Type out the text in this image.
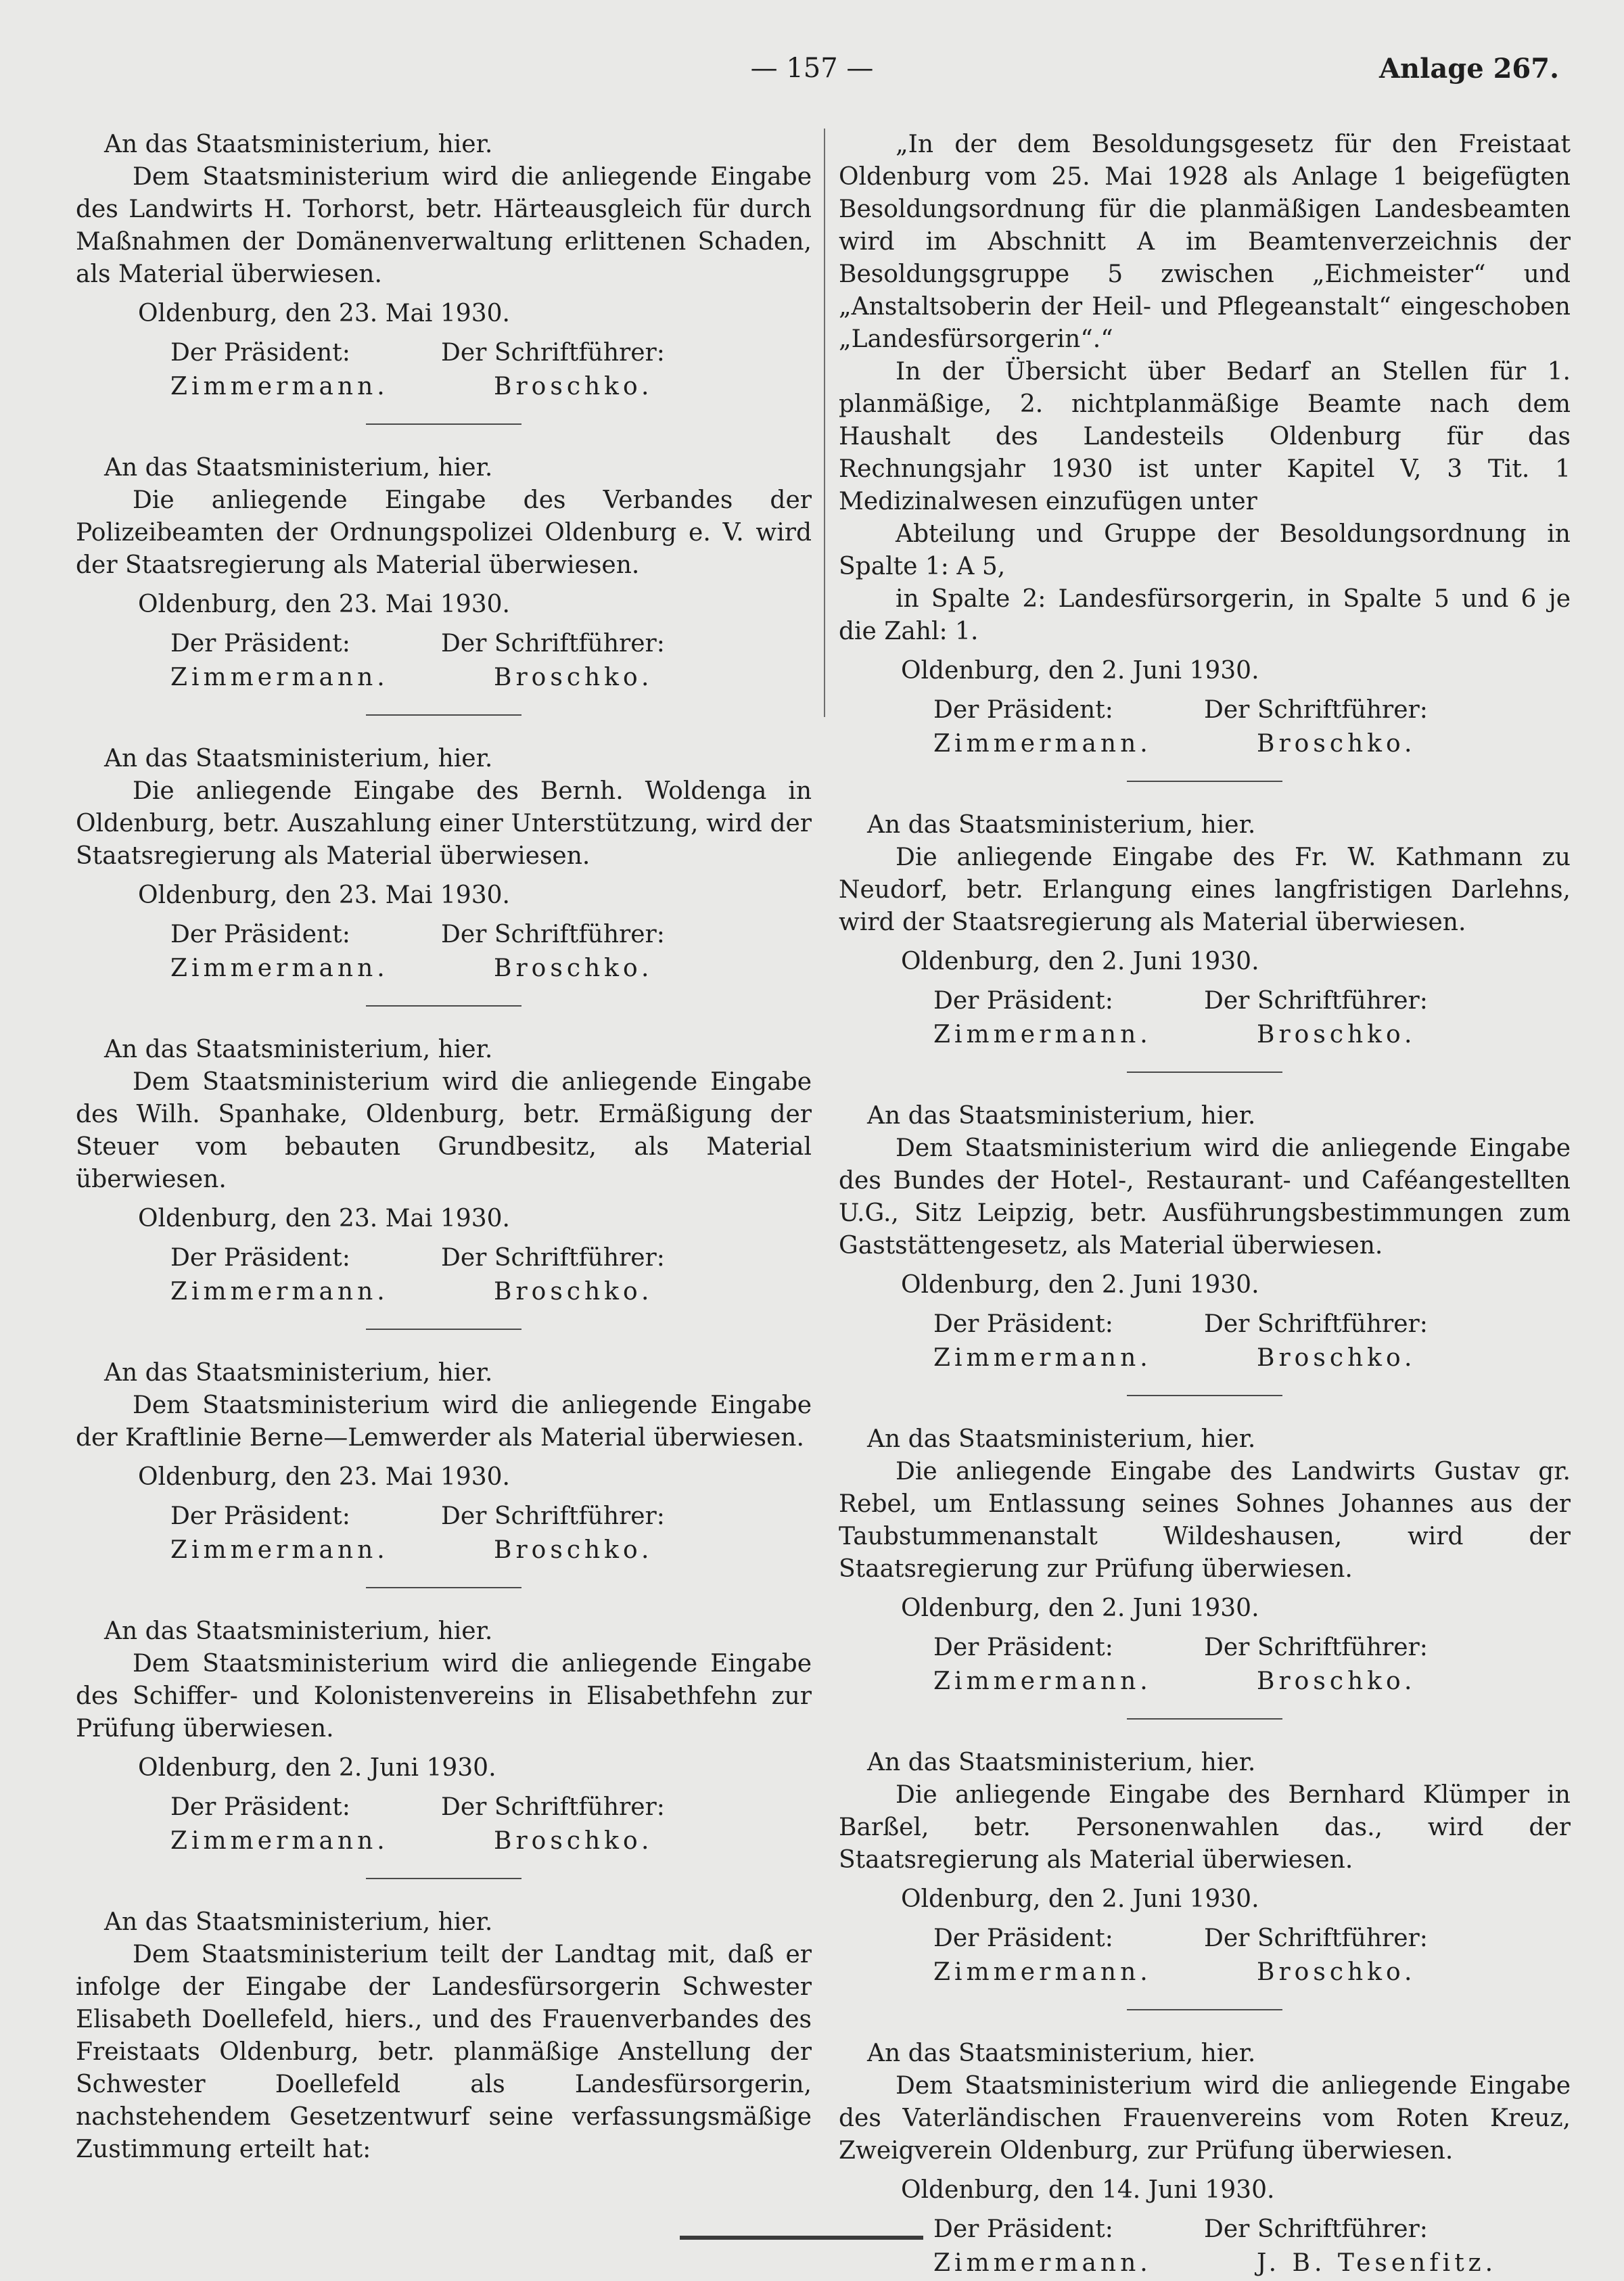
— 157 —	Anlage 267.
An das Staatsministerium, hier.

Dem Staatsministerium wird die anliegende Eingabe des Landwirts H. Torhorst, betr. Härteausgleich für durch Maßnahmen der Domänenverwaltung erlittenen Schaden, als Material überwiesen.

Oldenburg, den 23. Mai 1930.
Der Präsident:	Der Schriftführer:
Zimmermann.	Broschko.
An das Staatsministerium, hier.

Die anliegende Eingabe des Verbandes der Polizeibeamten der Ordnungspolizei Oldenburg e. V. wird der Staatsregierung als Material überwiesen.

Oldenburg, den 23. Mai 1930.
Der Präsident:	Der Schriftführer:
Zimmermann.	Broschko.
An das Staatsministerium, hier.

Die anliegende Eingabe des Bernh. Woldenga in Oldenburg, betr. Auszahlung einer Unterstützung, wird der Staatsregierung als Material überwiesen.

Oldenburg, den 23. Mai 1930.
Der Präsident:	Der Schriftführer:
Zimmermann.	Broschko.
An das Staatsministerium, hier.

Dem Staatsministerium wird die anliegende Eingabe des Wilh. Spanhake, Oldenburg, betr. Ermäßigung der Steuer vom bebauten Grundbesitz, als Material überwiesen.

Oldenburg, den 23. Mai 1930.
Der Präsident:	Der Schriftführer:
Zimmermann.	Broschko.
An das Staatsministerium, hier.

Dem Staatsministerium wird die anliegende Eingabe der Kraftlinie Berne—Lemwerder als Material überwiesen.

Oldenburg, den 23. Mai 1930.
Der Präsident:	Der Schriftführer:
Zimmermann.	Broschko.
An das Staatsministerium, hier.

Dem Staatsministerium wird die anliegende Eingabe des Schiffer- und Kolonistenvereins in Elisabethfehn zur Prüfung überwiesen.

Oldenburg, den 2. Juni 1930.
Der Präsident:	Der Schriftführer:
Zimmermann.	Broschko.
An das Staatsministerium, hier.

Dem Staatsministerium teilt der Landtag mit, daß er infolge der Eingabe der Landesfürsorgerin Schwester Elisabeth Doellefeld, hiers., und des Frauenverbandes des Freistaats Oldenburg, betr. planmäßige Anstellung der Schwester Doellefeld als Landesfürsorgerin, nachstehendem Gesetzentwurf seine verfassungsmäßige Zustimmung erteilt hat:

„In der dem Besoldungsgesetz für den Freistaat Oldenburg vom 25. Mai 1928 als Anlage 1 beigefügten Besoldungsordnung für die planmäßigen Landesbeamten wird im Abschnitt A im Beamtenverzeichnis der Besoldungsgruppe 5 zwischen „Eichmeister“ und „Anstaltsoberin der Heil- und Pflegeanstalt“ eingeschoben „Landesfürsorgerin“.“

In der Übersicht über Bedarf an Stellen für 1. planmäßige, 2. nichtplanmäßige Beamte nach dem Haushalt des Landesteils Oldenburg für das Rechnungsjahr 1930 ist unter Kapitel V, 3 Tit. 1 Medizinalwesen einzufügen unter

Abteilung und Gruppe der Besoldungsordnung in Spalte 1: A 5,

in Spalte 2: Landesfürsorgerin, in Spalte 5 und 6 je die Zahl: 1.

Oldenburg, den 2. Juni 1930.
Der Präsident:	Der Schriftführer:
Zimmermann.	Broschko.
An das Staatsministerium, hier.

Die anliegende Eingabe des Fr. W. Kathmann zu Neudorf, betr. Erlangung eines langfristigen Darlehns, wird der Staatsregierung als Material überwiesen.

Oldenburg, den 2. Juni 1930.
Der Präsident:	Der Schriftführer:
Zimmermann.	Broschko.
An das Staatsministerium, hier.

Dem Staatsministerium wird die anliegende Eingabe des Bundes der Hotel-, Restaurant- und Caféangestellten U.G., Sitz Leipzig, betr. Ausführungsbestimmungen zum Gaststättengesetz, als Material überwiesen.

Oldenburg, den 2. Juni 1930.
Der Präsident:	Der Schriftführer:
Zimmermann.	Broschko.
An das Staatsministerium, hier.

Die anliegende Eingabe des Landwirts Gustav gr. Rebel, um Entlassung seines Sohnes Johannes aus der Taubstummenanstalt Wildeshausen, wird der Staatsregierung zur Prüfung überwiesen.

Oldenburg, den 2. Juni 1930.
Der Präsident:	Der Schriftführer:
Zimmermann.	Broschko.
An das Staatsministerium, hier.

Die anliegende Eingabe des Bernhard Klümper in Barßel, betr. Personenwahlen das., wird der Staatsregierung als Material überwiesen.

Oldenburg, den 2. Juni 1930.
Der Präsident:	Der Schriftführer:
Zimmermann.	Broschko.
An das Staatsministerium, hier.

Dem Staatsministerium wird die anliegende Eingabe des Vaterländischen Frauenvereins vom Roten Kreuz, Zweigverein Oldenburg, zur Prüfung überwiesen.

Oldenburg, den 14. Juni 1930.
Der Präsident:	Der Schriftführer:
Zimmermann.	J. B. Tesenfitz.
